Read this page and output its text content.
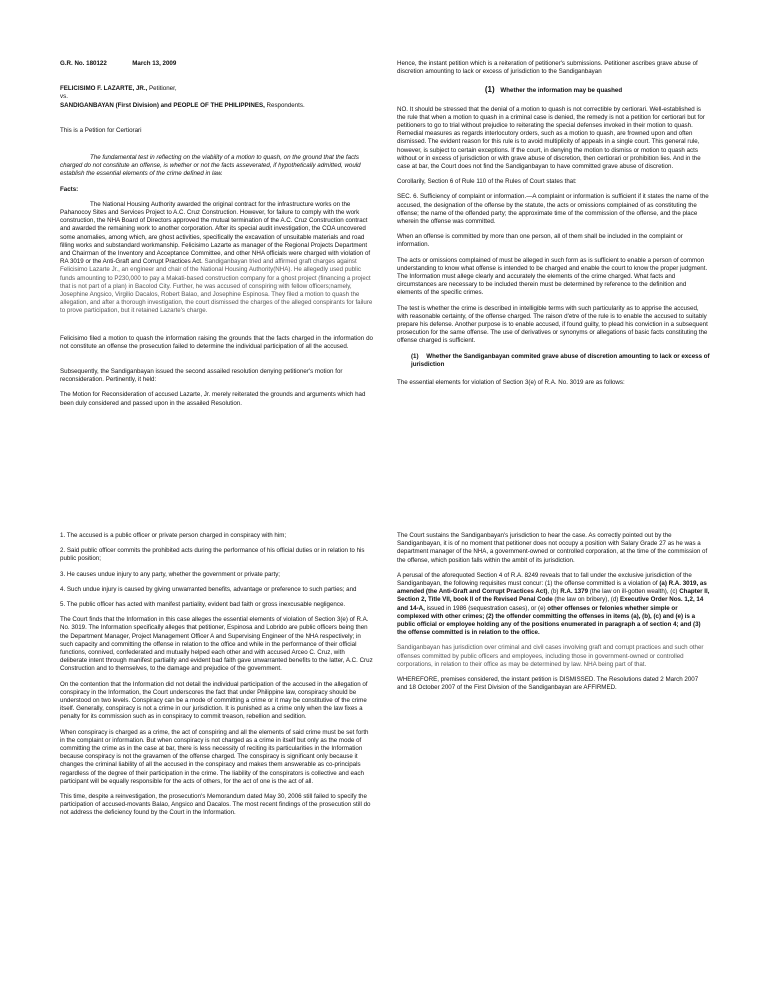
G.R. No. 180122	March 13, 2009

FELICISIMO F. LAZARTE, JR., Petitioner,

vs.

SANDIGANBAYAN (First Division) and PEOPLE OF THE PHILIPPINES, Respondents.

This is a Petition for Certiorari

The fundamental test in reflecting on the viability of a motion to quash, on the ground that the facts charged do not constitute an offense, is whether or not the facts asseverated, if hypothetically admitted, would establish the essential elements of the crime defined in law.

Facts:

The National Housing Authority awarded the original contract for the infrastructure works on the Pahanocoy Sites and Services Project to A.C. Cruz Construction. However, for failure to comply with the work construction, the NHA Board of Directors approved the mutual termination of the A.C. Cruz Construction contract and awarded the remaining work to another corporation. After its special audit investigation, the COA uncovered some anomalies, among which, are ghost activities, specifically the excavation of unsuitable materials and road filling works and substandard workmanship. Felicisimo Lazarte as manager of the Regional Projects Department and Chairman of the Inventory and Acceptance Committee, and other NHA officials were charged with violation of RA 3019 or the Anti-Graft and Corrupt Practices Act. Sandiganbayan tried and affirmed graft charges against Felicisimo Lazarte Jr., an engineer and chair of the National Housing Authority(NHA). He allegedly used public funds amounting to P230,000 to pay a Makati-based construction company for a ghost project (financing a project that is not part of a plan) in Bacolod City. Further, he was accused of conspiring with fellow officers;namely, Josephine Angsico, Virgilio Dacalos, Robert Balao, and Josephine Espinosa. They filed a motion to quash the allegation, and after a thorough investigation, the court dismissed the charges of the alleged conspirants for failure to prove participation, but it retained Lazarte's charge.

Felicisimo filed a motion to quash the information raising the grounds that the facts charged in the information do not constitute an offense the prosecution failed to determine the individual participation of all the accused.

Subsequently, the Sandiganbayan issued the second assailed resolution denying petitioner's motion for reconsideration. Pertinently, it held:

The Motion for Reconsideration of accused Lazarte, Jr. merely reiterated the grounds and arguments which had been duly considered and passed upon in the assailed Resolution.

Hence, the instant petition which is a reiteration of petitioner's submissions. Petitioner ascribes grave abuse of discretion amounting to lack or excess of jurisdiction to the Sandiganbayan

(1) Whether the information may be quashed

NO. It should be stressed that the denial of a motion to quash is not correctible by certiorari. Well-established is the rule that when a motion to quash in a criminal case is denied, the remedy is not a petition for certiorari but for petitioners to go to trial without prejudice to reiterating the special defenses invoked in their motion to quash. Remedial measures as regards interlocutory orders, such as a motion to quash, are frowned upon and often dismissed. The evident reason for this rule is to avoid multiplicity of appeals in a single court. This general rule, however, is subject to certain exceptions. If the court, in denying the motion to dismiss or motion to quash acts without or in excess of jurisdiction or with grave abuse of discretion, then certiorari or prohibition lies. And in the case at bar, the Court does not find the Sandiganbayan to have committed grave abuse of discretion.

Corollarily, Section 6 of Rule 110 of the Rules of Court states that:

SEC. 6. Sufficiency of complaint or information.—A complaint or information is sufficient if it states the name of the accused, the designation of the offense by the statute, the acts or omissions complained of as constituting the offense; the name of the offended party; the approximate time of the commission of the offense, and the place wherein the offense was committed.

When an offense is committed by more than one person, all of them shall be included in the complaint or information.

The acts or omissions complained of must be alleged in such form as is sufficient to enable a person of common understanding to know what offense is intended to be charged and enable the court to know the proper judgment. The Information must allege clearly and accurately the elements of the crime charged. What facts and circumstances are necessary to be included therein must be determined by reference to the definition and elements of the specific crimes.

The test is whether the crime is described in intelligible terms with such particularity as to apprise the accused, with reasonable certainty, of the offense charged. The raison d'etre of the rule is to enable the accused to suitably prepare his defense. Another purpose is to enable accused, if found guilty, to plead his conviction in a subsequent prosecution for the same offense. The use of derivatives or synonyms or allegations of basic facts constituting the offense charged is sufficient.

(1) Whether the Sandiganbayan commited grave abuse of discretion amounting to lack or excess of jurisdiction

The essential elements for violation of Section 3(e) of R.A. No. 3019 are as follows:

1. The accused is a public officer or private person charged in conspiracy with him;

2. Said public officer commits the prohibited acts during the performance of his official duties or in relation to his public position;

3. He causes undue injury to any party, whether the government or private party;

4. Such undue injury is caused by giving unwarranted benefits, advantage or preference to such parties; and

5. The public officer has acted with manifest partiality, evident bad faith or gross inexcusable negligence.

The Court finds that the Information in this case alleges the essential elements of violation of Section 3(e) of R.A. No. 3019. The Information specifically alleges that petitioner, Espinosa and Lobrido are public officers being then the Department Manager, Project Management Officer A and Supervising Engineer of the NHA respectively; in such capacity and committing the offense in relation to the office and while in the performance of their official functions, connived, confederated and mutually helped each other and with accused Arceo C. Cruz, with deliberate intent through manifest partiality and evident bad faith gave unwarranted benefits to the latter, A.C. Cruz Construction and to themselves, to the damage and prejudice of the government.

On the contention that the Information did not detail the individual participation of the accused in the allegation of conspiracy in the Information, the Court underscores the fact that under Philippine law, conspiracy should be understood on two levels. Conspiracy can be a mode of committing a crime or it may be constitutive of the crime itself. Generally, conspiracy is not a crime in our jurisdiction. It is punished as a crime only when the law fixes a penalty for its commission such as in conspiracy to commit treason, rebellion and sedition.

When conspiracy is charged as a crime, the act of conspiring and all the elements of said crime must be set forth in the complaint or information. But when conspiracy is not charged as a crime in itself but only as the mode of committing the crime as in the case at bar, there is less necessity of reciting its particularities in the Information because conspiracy is not the gravamen of the offense charged. The conspiracy is significant only because it changes the criminal liability of all the accused in the conspiracy and makes them answerable as co-principals regardless of the degree of their participation in the crime. The liability of the conspirators is collective and each participant will be equally responsible for the acts of others, for the act of one is the act of all.

This time, despite a reinvestigation, the prosecution's Memorandum dated May 30, 2006 still failed to specify the participation of accused-movants Balao, Angsico and Dacalos. The most recent findings of the prosecution still do not address the deficiency found by the Court in the Information.

The Court sustains the Sandiganbayan's jurisdiction to hear the case. As correctly pointed out by the Sandiganbayan, it is of no moment that petitioner does not occupy a position with Salary Grade 27 as he was a department manager of the NHA, a government-owned or controlled corporation, at the time of the commission of the offense, which position falls within the ambit of its jurisdiction.

A perusal of the aforequoted Section 4 of R.A. 8249 reveals that to fall under the exclusive jurisdiction of the Sandiganbayan, the following requisites must concur: (1) the offense committed is a violation of (a) R.A. 3019, as amended (the Anti-Graft and Corrupt Practices Act), (b) R.A. 1379 (the law on ill-gotten wealth), (c) Chapter II, Section 2, Title VII, book II of the Revised Penal Code (the law on bribery), (d) Executive Order Nos. 1,2, 14 and 14-A, issued in 1986 (sequestration cases), or (e) other offenses or felonies whether simple or complexed with other crimes; (2) the offender committing the offenses in items (a), (b), (c) and (e) is a public official or employee holding any of the positions enumerated in paragraph a of section 4; and (3) the offense committed is in relation to the office.

Sandiganbayan has jurisdiction over criminal and civil cases involving graft and corrupt practices and such other offenses committed by public officers and employees, including those in government-owned or controlled corporations, in relation to their office as may be determined by law. NHA being part of that.

WHEREFORE, premises considered, the instant petition is DISMISSED. The Resolutions dated 2 March 2007 and 18 October 2007 of the First Division of the Sandiganbayan are AFFIRMED.
